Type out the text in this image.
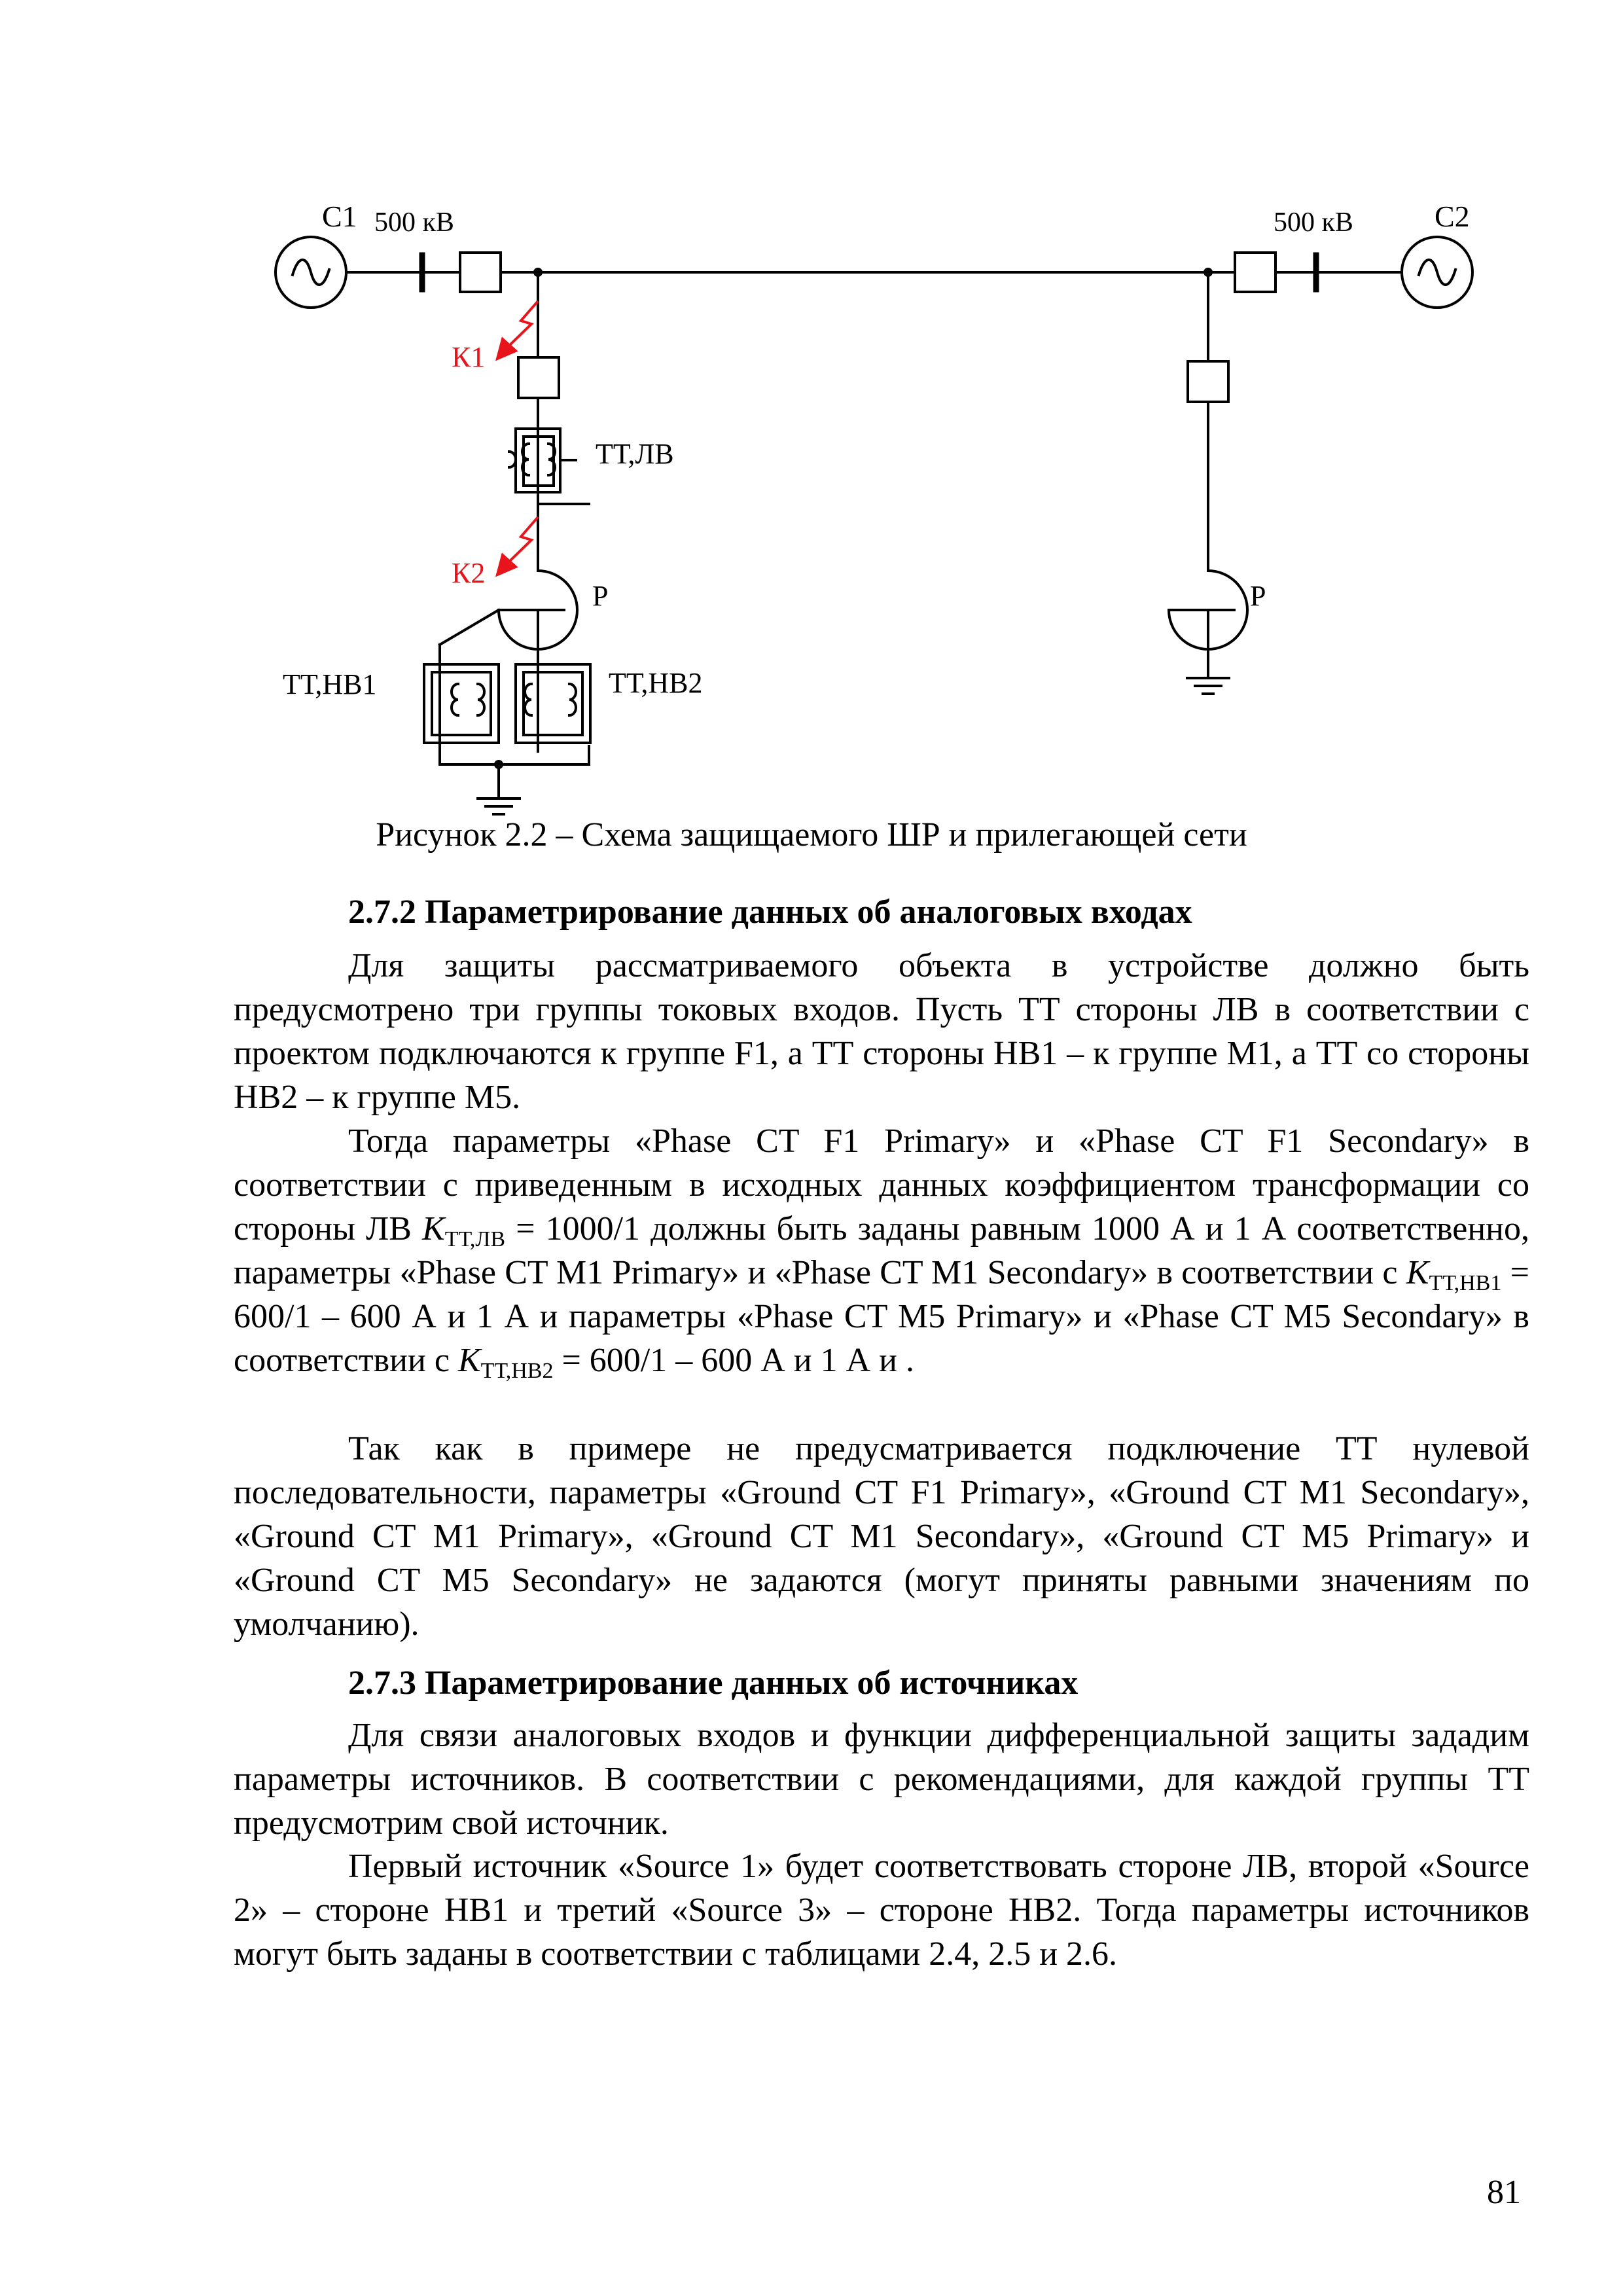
C1 500 кВ	500 кВ	C2
К1
К2
ТТ,ЛВ
Р	Р
ТТ,НВ1	ТТ,НВ2

Рисунок 2.2 – Схема защищаемого ШР и прилегающей сети

2.7.2 Параметрирование данных об аналоговых входах

Для защиты рассматриваемого объекта в устройстве должно быть предусмотрено три группы токовых входов. Пусть ТТ стороны ЛВ в соответствии с проектом подключаются к группе F1, а ТТ стороны НВ1 – к группе M1, а ТТ со стороны НВ2 – к группе M5.

Тогда параметры «Phase CT F1 Primary» и «Phase CT F1 Secondary» в соответствии с приведенным в исходных данных коэффициентом трансформации со стороны ЛВ $K_{ТТ,ЛВ} = 1000/1$ должны быть заданы равным 1000 А и 1 А соответственно, параметры «Phase CT M1 Primary» и «Phase CT M1 Secondary» в соответствии с $K_{ТТ,НВ1} = 600/1 - 600$ А и 1 А и параметры «Phase CT M5 Primary» и «Phase CT M5 Secondary» в соответствии с $K_{ТТ,НВ2} = 600/1 - 600$ А и 1 А и .

Так как в примере не предусматривается подключение ТТ нулевой последовательности, параметры «Ground CT F1 Primary», «Ground CT M1 Secondary», «Ground CT M1 Primary», «Ground CT M1 Secondary», «Ground CT M5 Primary» и «Ground CT M5 Secondary» не задаются (могут приняты равными значениям по умолчанию).

2.7.3 Параметрирование данных об источниках

Для связи аналоговых входов и функции дифференциальной защиты зададим параметры источников. В соответствии с рекомендациями, для каждой группы ТТ предусмотрим свой источник.

Первый источник «Source 1» будет соответствовать стороне ЛВ, второй «Source 2» – стороне НВ1 и третий «Source 3» – стороне НВ2. Тогда параметры источников могут быть заданы в соответствии с таблицами 2.4, 2.5 и 2.6.

81
